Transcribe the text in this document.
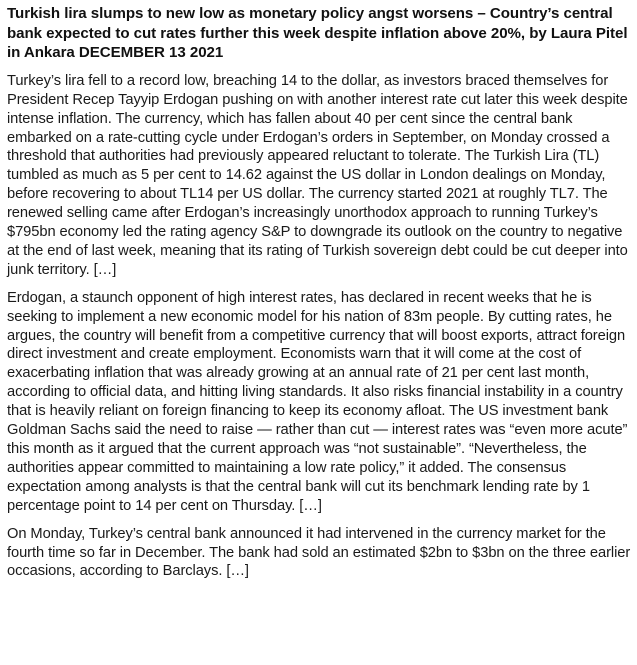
Turkish lira slumps to new low as monetary policy angst worsens – Country’s central bank expected to cut rates further this week despite inflation above 20%, by Laura Pitel in Ankara DECEMBER 13 2021

Turkey’s lira fell to a record low, breaching 14 to the dollar, as investors braced themselves for President Recep Tayyip Erdogan pushing on with another interest rate cut later this week despite intense inflation. The currency, which has fallen about 40 per cent since the central bank embarked on a rate-cutting cycle under Erdogan’s orders in September, on Monday crossed a threshold that authorities had previously appeared reluctant to tolerate. The Turkish Lira (TL) tumbled as much as 5 per cent to 14.62 against the US dollar in London dealings on Monday, before recovering to about TL14 per US dollar. The currency started 2021 at roughly TL7. The renewed selling came after Erdogan’s increasingly unorthodox approach to running Turkey’s $795bn economy led the rating agency S&P to downgrade its outlook on the country to negative at the end of last week, meaning that its rating of Turkish sovereign debt could be cut deeper into junk territory. […]

Erdogan, a staunch opponent of high interest rates, has declared in recent weeks that he is seeking to implement a new economic model for his nation of 83m people. By cutting rates, he argues, the country will benefit from a competitive currency that will boost exports, attract foreign direct investment and create employment. Economists warn that it will come at the cost of exacerbating inflation that was already growing at an annual rate of 21 per cent last month, according to official data, and hitting living standards. It also risks financial instability in a country that is heavily reliant on foreign financing to keep its economy afloat. The US investment bank Goldman Sachs said the need to raise — rather than cut — interest rates was “even more acute” this month as it argued that the current approach was “not sustainable”. “Nevertheless, the authorities appear committed to maintaining a low rate policy,” it added. The consensus expectation among analysts is that the central bank will cut its benchmark lending rate by 1 percentage point to 14 per cent on Thursday. […]

On Monday, Turkey’s central bank announced it had intervened in the currency market for the fourth time so far in December. The bank had sold an estimated $2bn to $3bn on the three earlier occasions, according to Barclays. […]
